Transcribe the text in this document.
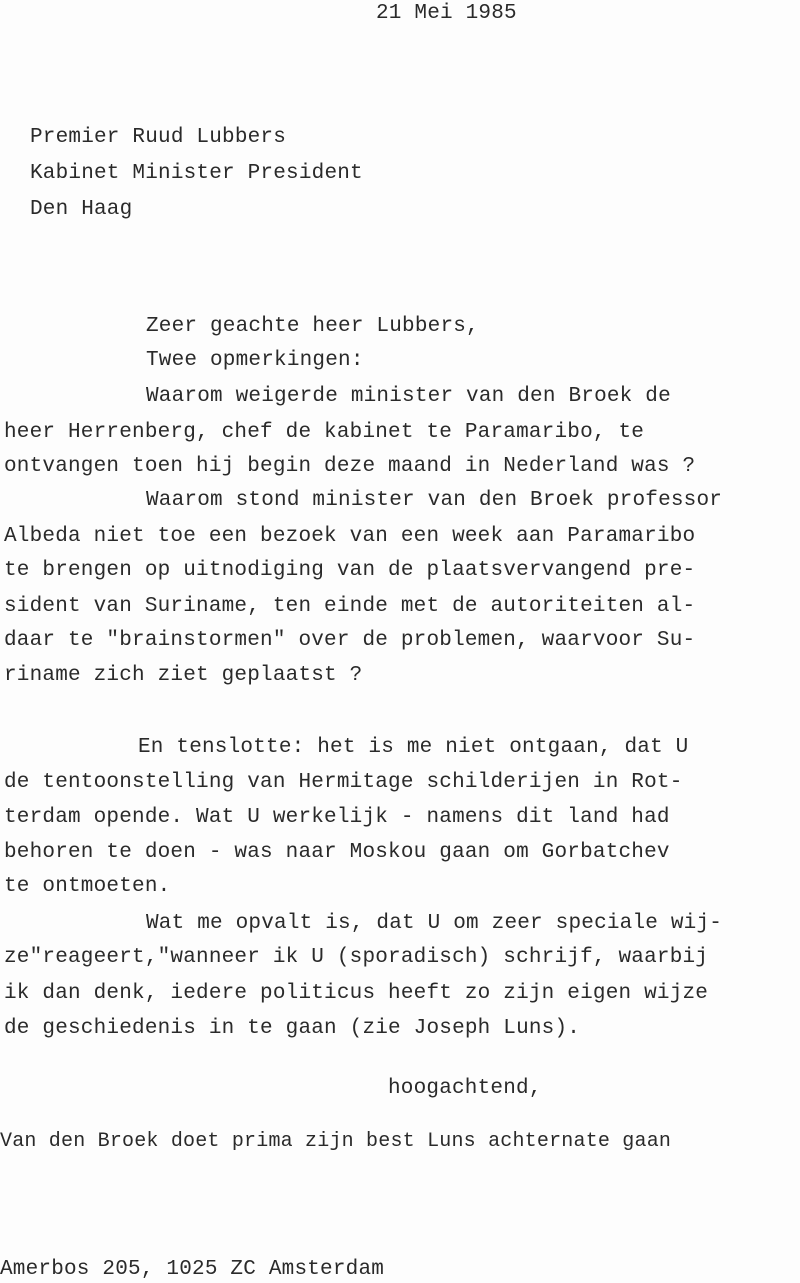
21 Mei 1985
Premier Ruud Lubbers
Kabinet Minister President
Den Haag
Zeer geachte heer Lubbers,
Twee opmerkingen:
Waarom weigerde minister van den Broek de
heer Herrenberg, chef de kabinet te Paramaribo, te
ontvangen toen hij begin deze maand in Nederland was ?
Waarom stond minister van den Broek professor
Albeda niet toe een bezoek van een week aan Paramaribo
te brengen op uitnodiging van de plaatsvervangend pre-
sident van Suriname, ten einde met de autoriteiten al-
daar te "brainstormen" over de problemen, waarvoor Su-
riname zich ziet geplaatst ?
En tenslotte: het is me niet ontgaan, dat U
de tentoonstelling van Hermitage schilderijen in Rot-
terdam opende. Wat U werkelijk - namens dit land had
behoren te doen - was naar Moskou gaan om Gorbatchev
te ontmoeten.
Wat me opvalt is, dat U om zeer speciale wij-
ze"reageert,"wanneer ik U (sporadisch) schrijf, waarbij
ik dan denk, iedere politicus heeft zo zijn eigen wijze
de geschiedenis in te gaan (zie Joseph Luns).
hoogachtend,
Van den Broek doet prima zijn best Luns achternate gaan
Amerbos 205, 1025 ZC Amsterdam
